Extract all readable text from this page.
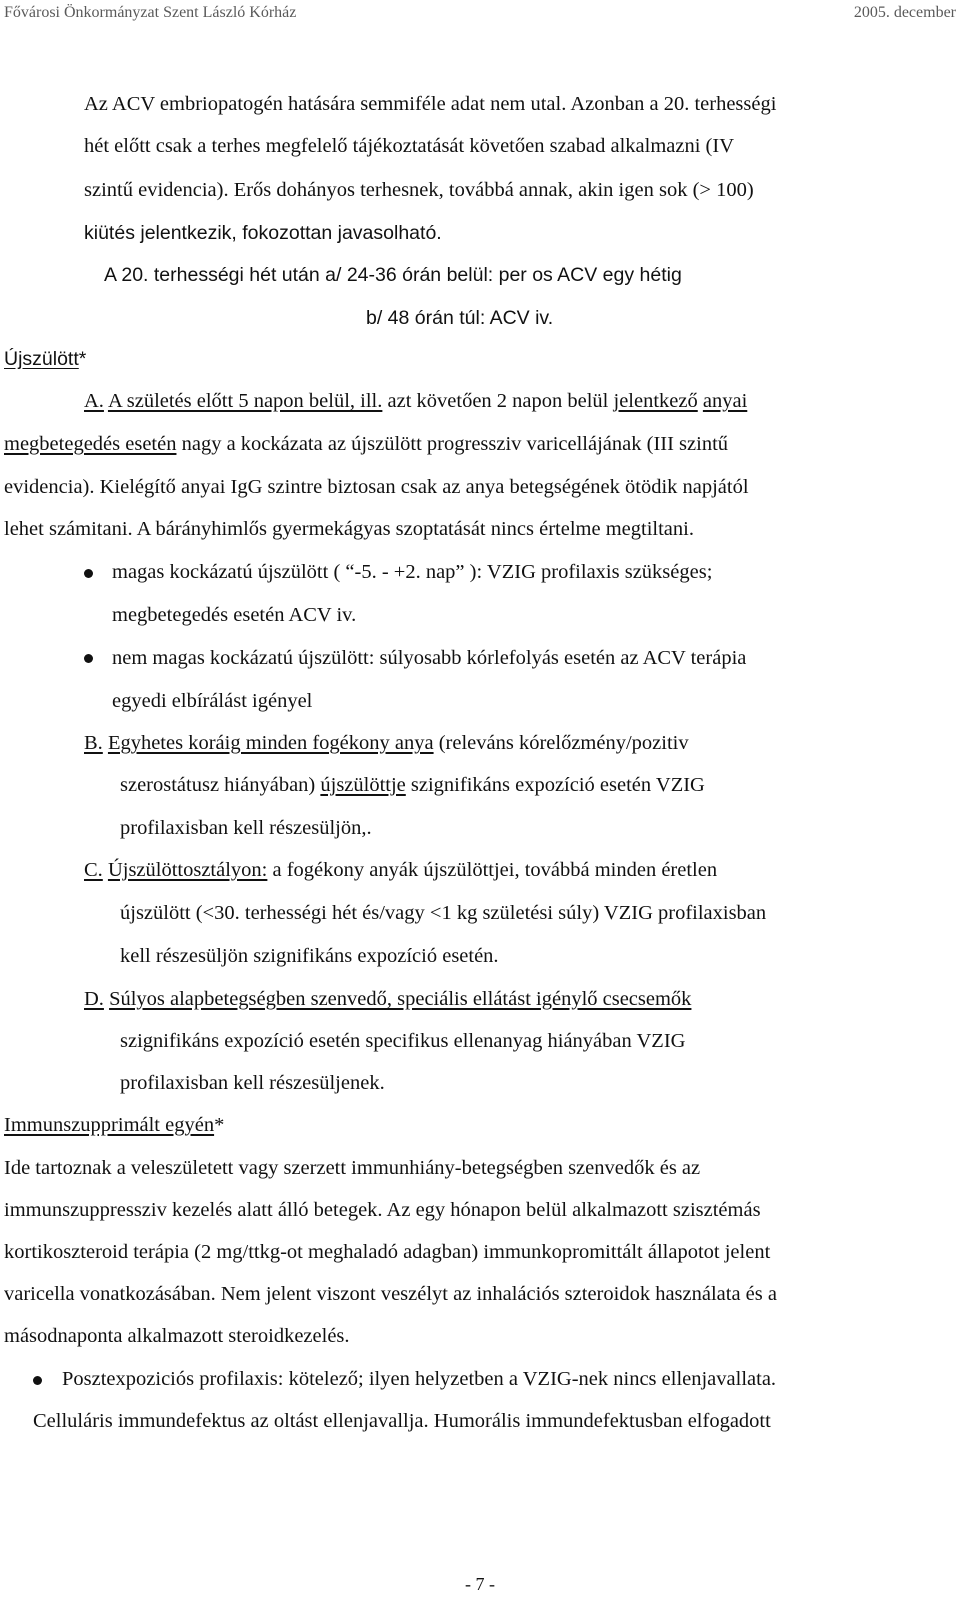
Fővárosi Önkormányzat Szent László Kórház	2005. december
Az ACV embriopatogén hatására semmiféle adat nem utal. Azonban a 20. terhességi
hét előtt csak a terhes megfelelő tájékoztatását követően szabad alkalmazni (IV
szintű evidencia). Erős dohányos terhesnek, továbbá annak, akin igen sok (> 100)
kiütés jelentkezik, fokozottan javasolható.
A 20. terhességi hét után a/ 24-36 órán belül: per os ACV egy hétig
b/ 48 órán túl: ACV iv.
Újszülött*
A. A születés előtt 5 napon belül, ill. azt követően 2 napon belül jelentkező anyai
megbetegedés esetén nagy a kockázata az újszülött progressziv varicellájának (III szintű
evidencia). Kielégítő anyai IgG szintre biztosan csak az anya betegségének ötödik napjától
lehet számitani. A bárányhimlős gyermekágyas szoptatását nincs értelme megtiltani.
magas kockázatú újszülött ( “-5. - +2. nap” ): VZIG profilaxis szükséges;
megbetegedés esetén ACV iv.
nem magas kockázatú újszülött: súlyosabb kórlefolyás esetén az ACV terápia
egyedi elbírálást igényel
B. Egyhetes koráig minden fogékony anya (releváns kórelőzmény/pozitiv
szerostátusz hiányában) újszülöttje szignifikáns expozíció esetén VZIG
profilaxisban kell részesüljön,.
C. Újszülöttosztályon: a fogékony anyák újszülöttjei, továbbá minden éretlen
újszülött (<30. terhességi hét és/vagy <1 kg születési súly) VZIG profilaxisban
kell részesüljön szignifikáns expozíció esetén.
D. Súlyos alapbetegségben szenvedő, speciális ellátást igénylő csecsemők
szignifikáns expozíció esetén specifikus ellenanyag hiányában VZIG
profilaxisban kell részesüljenek.
Immunszupprimált egyén*
Ide tartoznak a veleszületett vagy szerzett immunhiány-betegségben szenvedők és az
immunszuppressziv kezelés alatt álló betegek. Az egy hónapon belül alkalmazott szisztémás
kortikoszteroid terápia (2 mg/ttkg-ot meghaladó adagban) immunkopromittált állapotot jelent
varicella vonatkozásában. Nem jelent viszont veszélyt az inhalációs szteroidok használata és a
másodnaponta alkalmazott steroidkezelés.
Posztexpoziciós profilaxis: kötelező; ilyen helyzetben a VZIG-nek nincs ellenjavallata.
Celluláris immundefektus az oltást ellenjavallja. Humorális immundefektusban elfogadott
- 7 -
